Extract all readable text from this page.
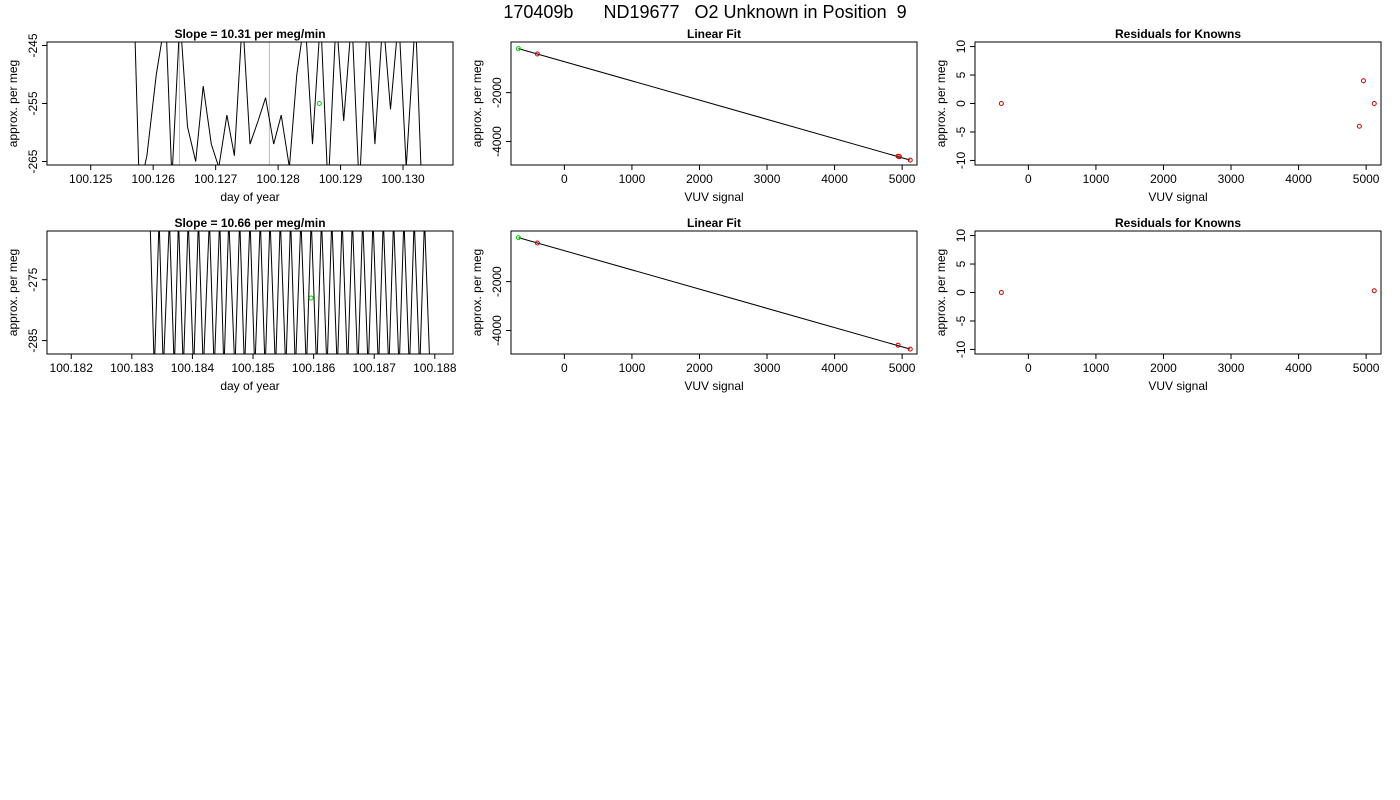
170409b      ND19677   O2 Unknown in Position  9
Slope = 10.31 per meg/min
100.125 100.126 100.127 100.128 100.129 100.130
-245
-255
-265
day of year
approx. per meg
Linear Fit
0	1000	2000	3000	4000	5000
-2000
-4000
VUV signal
approx. per meg
Residuals for Knowns
0	1000	2000	3000	4000	5000
10
5
0
-5
-10
VUV signal
approx. per meg
Slope = 10.66 per meg/min
100.182 100.183 100.184 100.185 100.186 100.187 100.188
-275
-285
day of year
approx. per meg
Linear Fit
0	1000	2000	3000	4000	5000
-2000
-4000
VUV signal
approx. per meg
Residuals for Knowns
0	1000	2000	3000	4000	5000
10
5
0
-5
-10
VUV signal
approx. per meg
